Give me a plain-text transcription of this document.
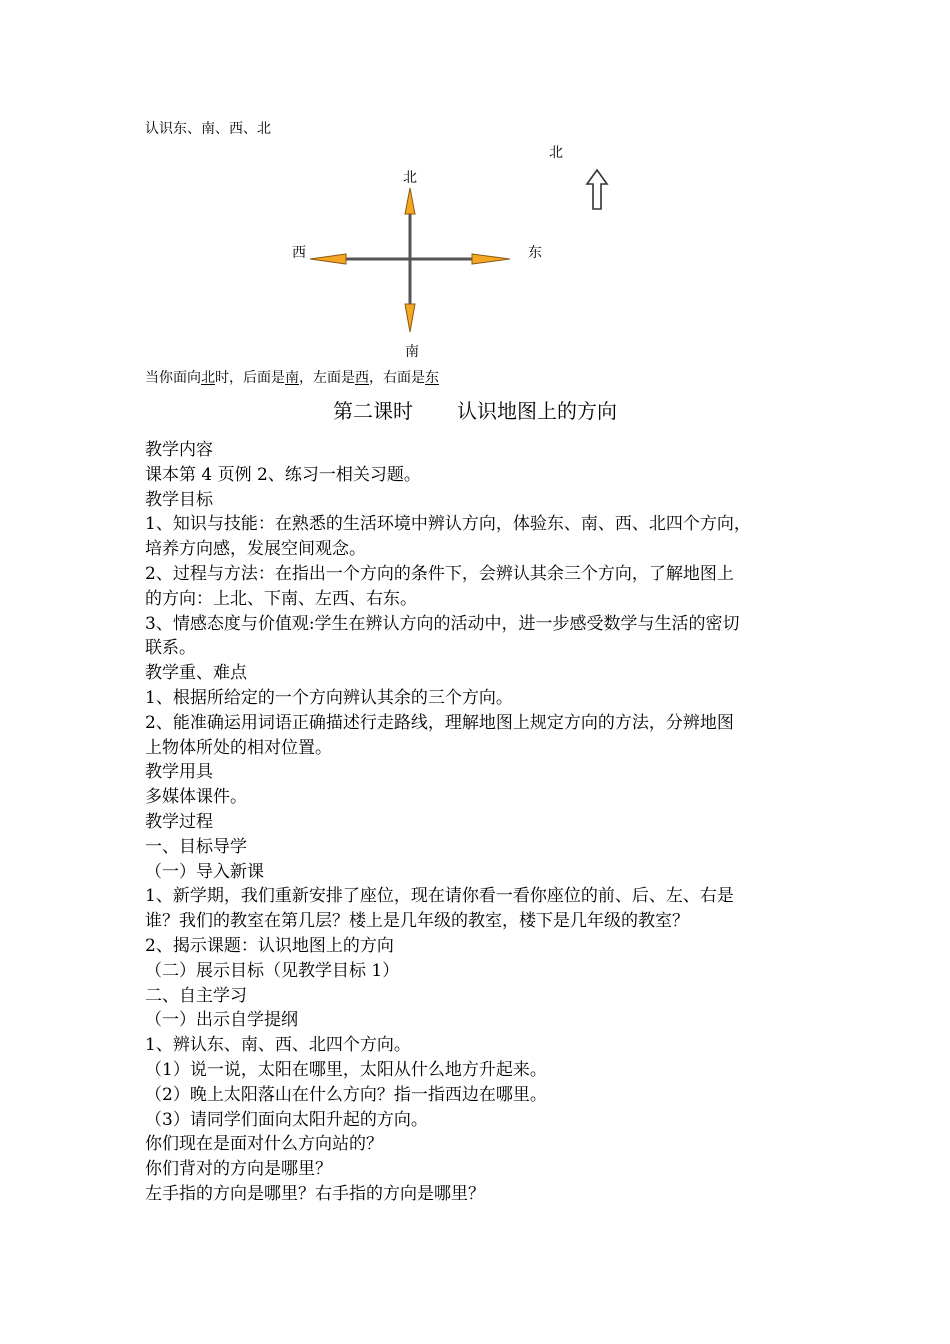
认识东、南、西、北
北
西	东
南
北
当你面向北时，后面是南，左面是西，右面是东
第二课时 认识地图上的方向

教学内容

课本第 4 页例 2、练习一相关习题。

教学目标

1、知识与技能：在熟悉的生活环境中辨认方向，体验东、南、西、北四个方向，

培养方向感，发展空间观念。

2、过程与方法：在指出一个方向的条件下，会辨认其余三个方向，了解地图上

的方向：上北、下南、左西、右东。

3、情感态度与价值观:学生在辨认方向的活动中，进一步感受数学与生活的密切

联系。

教学重、难点

1、根据所给定的一个方向辨认其余的三个方向。

2、能准确运用词语正确描述行走路线，理解地图上规定方向的方法，分辨地图

上物体所处的相对位置。

教学用具

多媒体课件。

教学过程

一、目标导学

（一）导入新课

1、新学期，我们重新安排了座位，现在请你看一看你座位的前、后、左、右是

谁？我们的教室在第几层？楼上是几年级的教室，楼下是几年级的教室？

2、揭示课题：认识地图上的方向

（二）展示目标（见教学目标 1）

二、自主学习

（一）出示自学提纲

1、辨认东、南、西、北四个方向。

（1）说一说，太阳在哪里，太阳从什么地方升起来。

（2）晚上太阳落山在什么方向？指一指西边在哪里。

（3）请同学们面向太阳升起的方向。

你们现在是面对什么方向站的？

你们背对的方向是哪里？

左手指的方向是哪里？右手指的方向是哪里？
